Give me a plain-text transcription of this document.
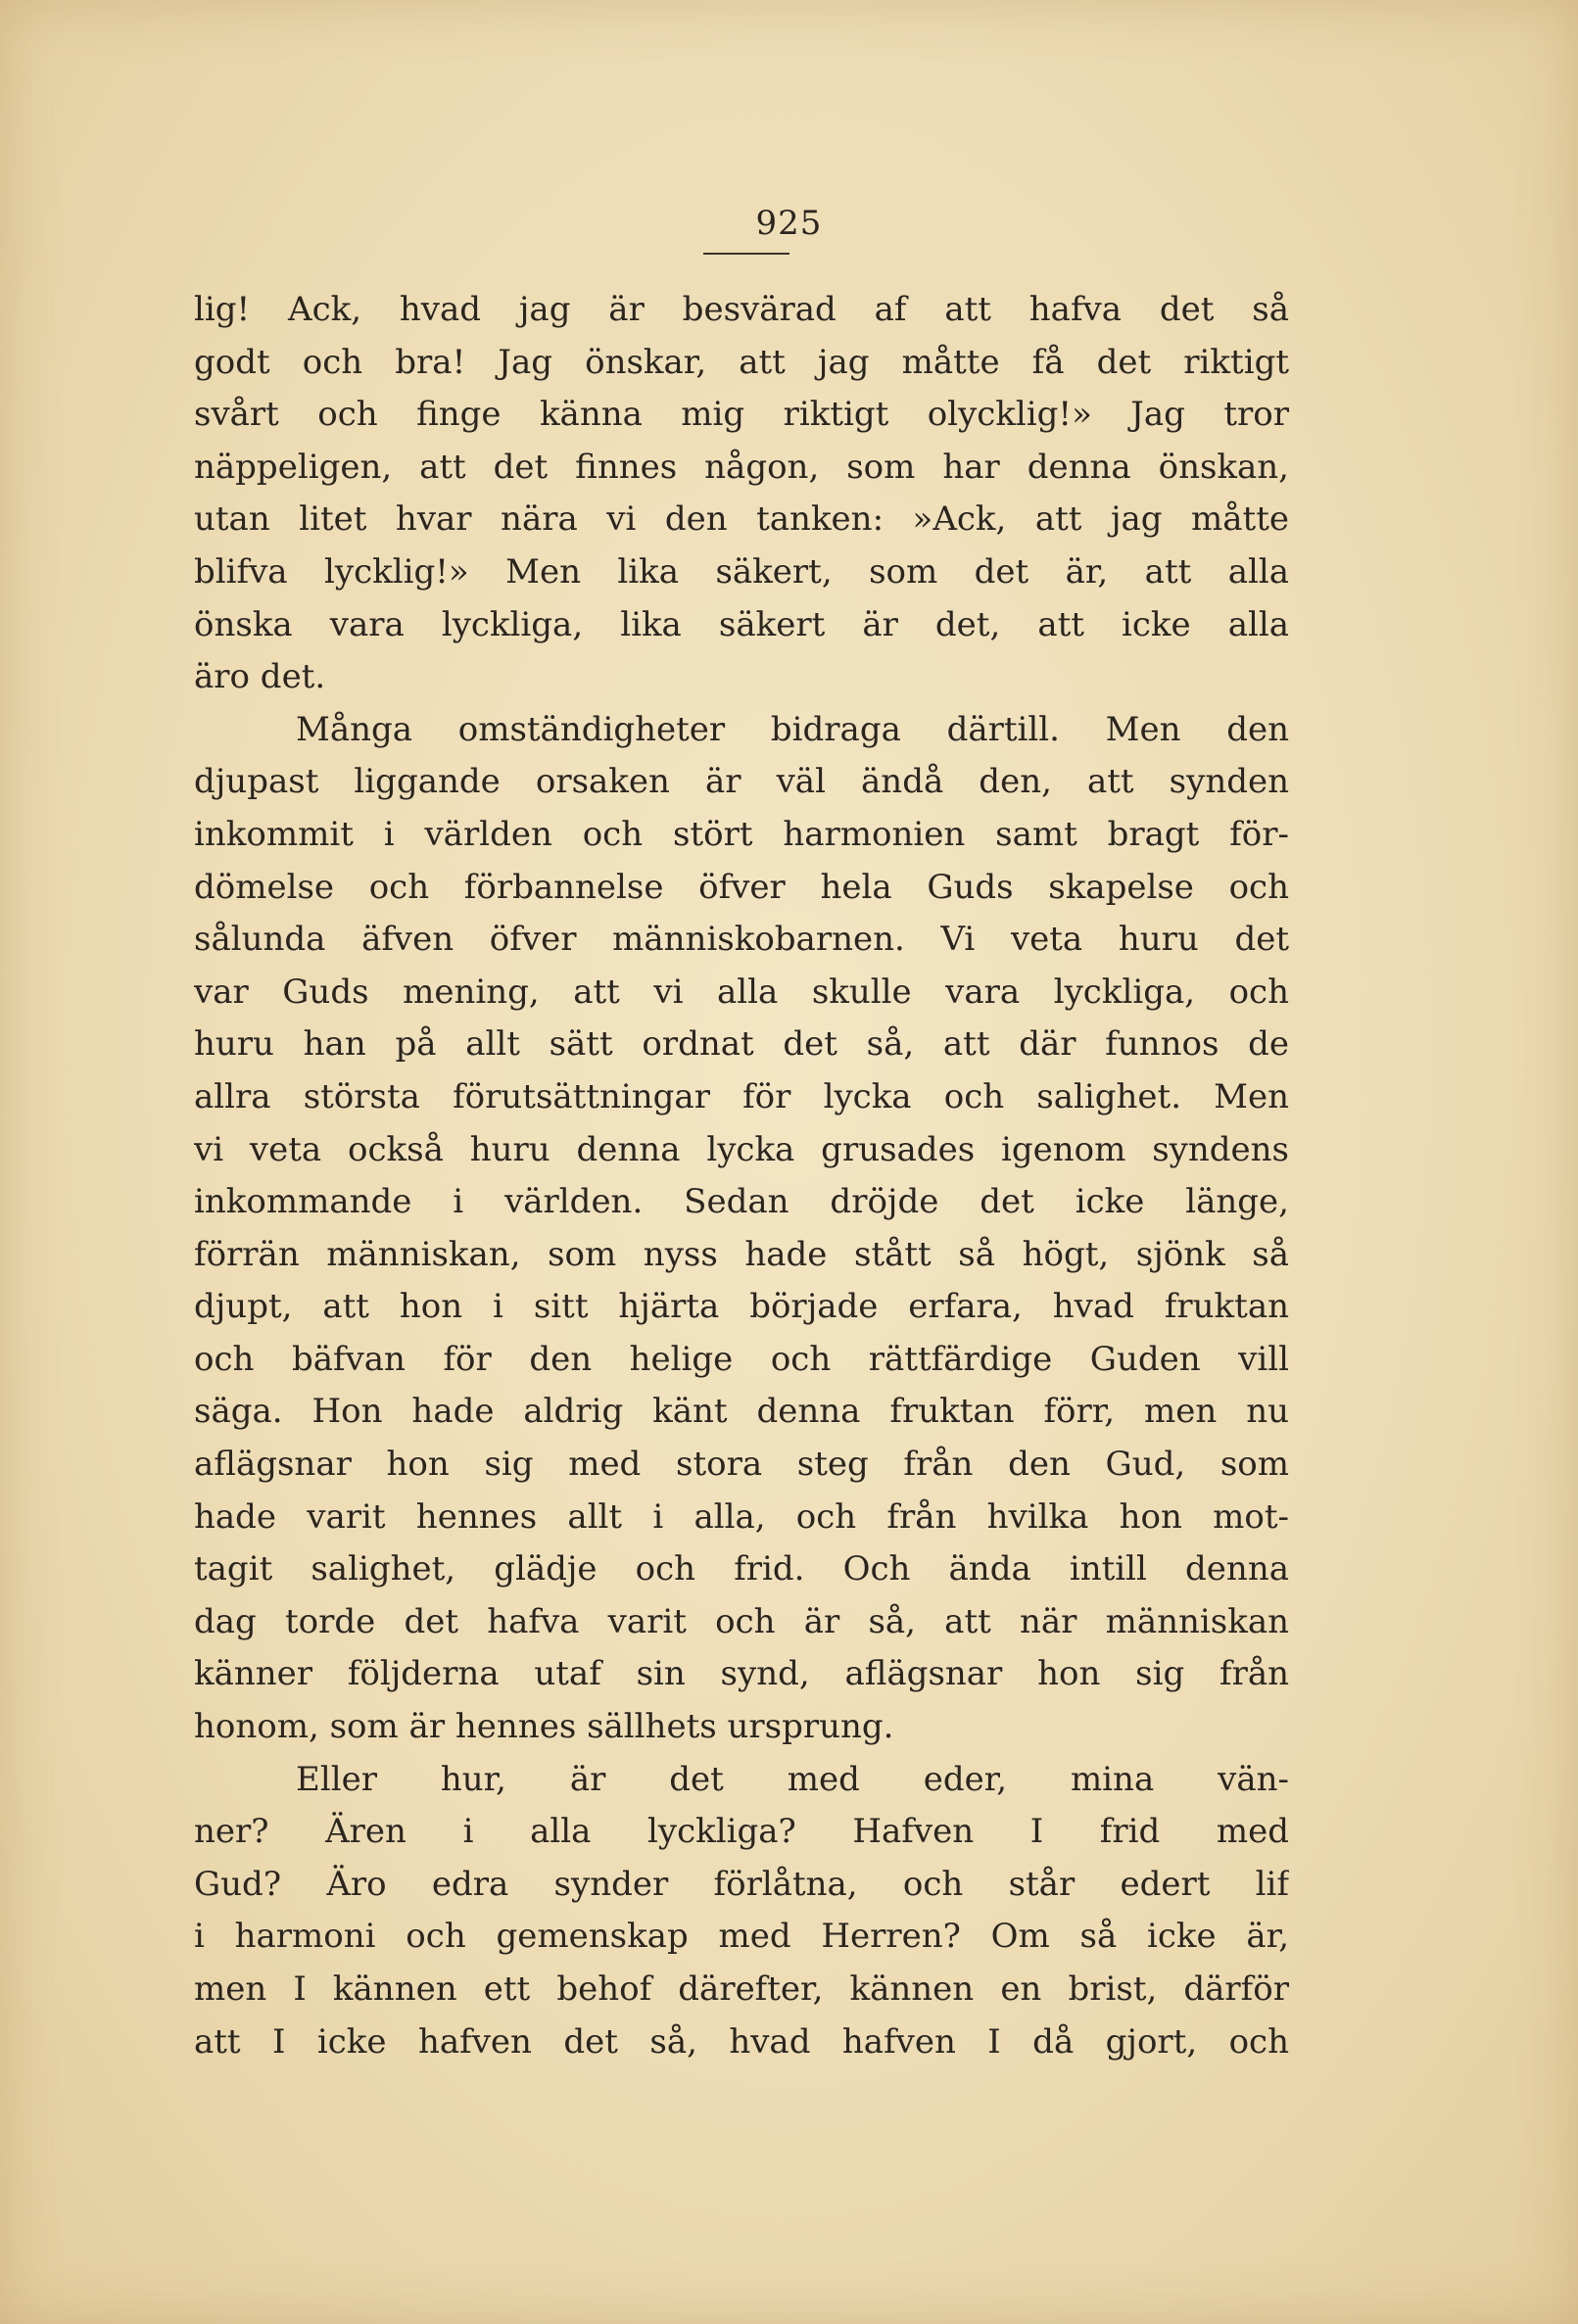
925
lig! Ack, hvad jag är besvärad af att hafva det så
godt och bra! Jag önskar, att jag måtte få det riktigt
svårt och finge känna mig riktigt olycklig!» Jag tror
näppeligen, att det finnes någon, som har denna önskan,
utan litet hvar nära vi den tanken: »Ack, att jag måtte
blifva lycklig!» Men lika säkert, som det är, att alla
önska vara lyckliga, lika säkert är det, att icke alla
äro det.
Många omständigheter bidraga därtill. Men den
djupast liggande orsaken är väl ändå den, att synden
inkommit i världen och stört harmonien samt bragt för-
dömelse och förbannelse öfver hela Guds skapelse och
sålunda äfven öfver människobarnen. Vi veta huru det
var Guds mening, att vi alla skulle vara lyckliga, och
huru han på allt sätt ordnat det så, att där funnos de
allra största förutsättningar för lycka och salighet. Men
vi veta också huru denna lycka grusades igenom syndens
inkommande i världen. Sedan dröjde det icke länge,
förrän människan, som nyss hade stått så högt, sjönk så
djupt, att hon i sitt hjärta började erfara, hvad fruktan
och bäfvan för den helige och rättfärdige Guden vill
säga. Hon hade aldrig känt denna fruktan förr, men nu
aflägsnar hon sig med stora steg från den Gud, som
hade varit hennes allt i alla, och från hvilka hon mot-
tagit salighet, glädje och frid. Och ända intill denna
dag torde det hafva varit och är så, att när människan
känner följderna utaf sin synd, aflägsnar hon sig från
honom, som är hennes sällhets ursprung.
Eller hur, är det med eder, mina vän-
ner? Ären i alla lyckliga? Hafven I frid med
Gud? Äro edra synder förlåtna, och står edert lif
i harmoni och gemenskap med Herren? Om så icke är,
men I kännen ett behof därefter, kännen en brist, därför
att I icke hafven det så, hvad hafven I då gjort, och
